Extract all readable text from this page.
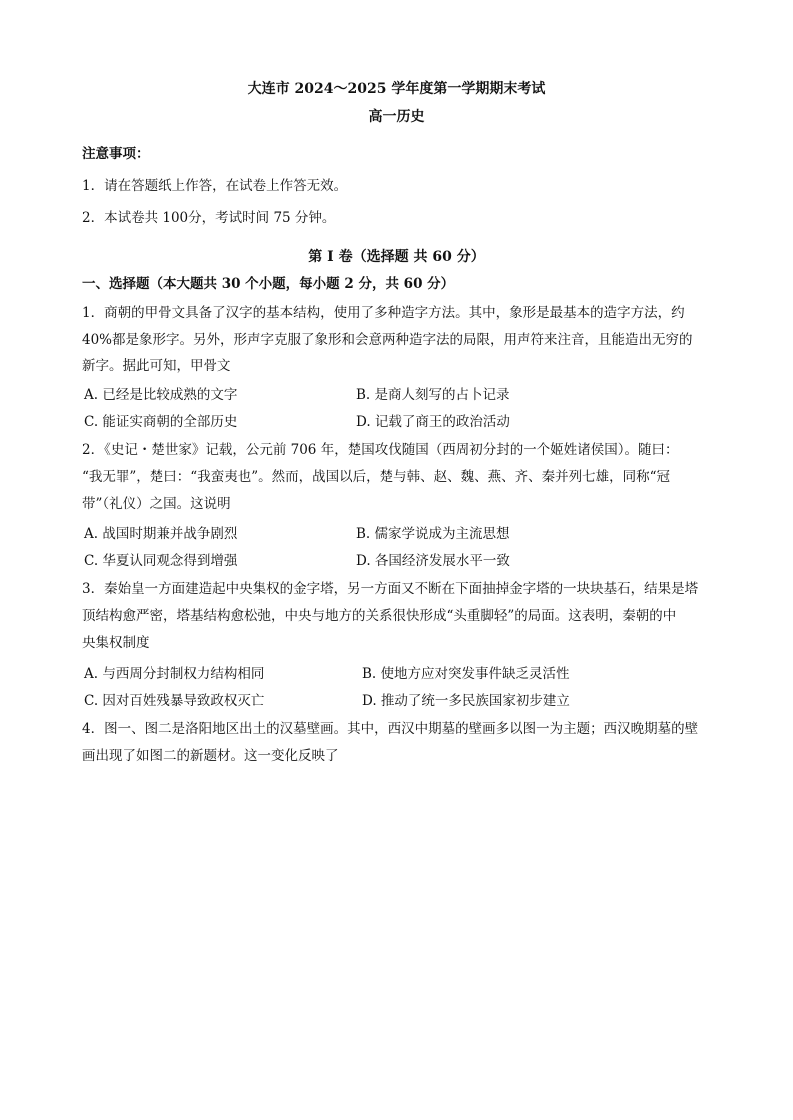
大连市 2024～2025 学年度第一学期期末考试
高一历史
注意事项：
1．请在答题纸上作答，在试卷上作答无效。
2．本试卷共 100分，考试时间 75 分钟。
第 I 卷（选择题 共 60 分）
一、选择题（本大题共 30 个小题，每小题 2 分，共 60 分）
1．商朝的甲骨文具备了汉字的基本结构，使用了多种造字方法。其中，象形是最基本的造字方法，约
40%都是象形字。另外，形声字克服了象形和会意两种造字法的局限，用声符来注音，且能造出无穷的
新字。据此可知，甲骨文
A. 已经是比较成熟的文字	B. 是商人刻写的占卜记录
C. 能证实商朝的全部历史	D. 记载了商王的政治活动
2．《史记・楚世家》记载，公元前 706 年，楚国攻伐随国（西周初分封的一个姬姓诸侯国）。随曰：
“我无罪”，楚曰：“我蛮夷也”。然而，战国以后，楚与韩、赵、魏、燕、齐、秦并列七雄，同称“冠
带”（礼仪）之国。这说明
A. 战国时期兼并战争剧烈	B. 儒家学说成为主流思想
C. 华夏认同观念得到增强	D. 各国经济发展水平一致
3．秦始皇一方面建造起中央集权的金字塔，另一方面又不断在下面抽掉金字塔的一块块基石，结果是塔
顶结构愈严密，塔基结构愈松弛，中央与地方的关系很快形成“头重脚轻”的局面。这表明，秦朝的中
央集权制度
A. 与西周分封制权力结构相同	B. 使地方应对突发事件缺乏灵活性
C. 因对百姓残暴导致政权灭亡	D. 推动了统一多民族国家初步建立
4．图一、图二是洛阳地区出土的汉墓壁画。其中，西汉中期墓的壁画多以图一为主题；西汉晚期墓的壁
画出现了如图二的新题材。这一变化反映了
